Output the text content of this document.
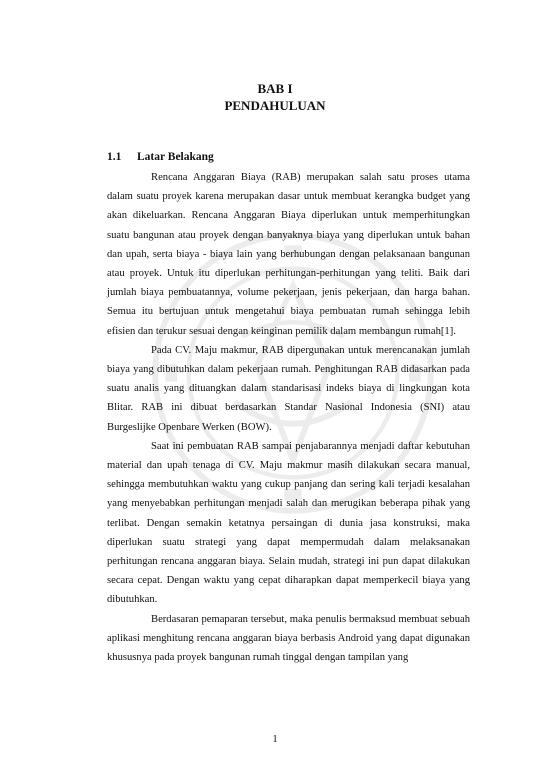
BAB I
PENDAHULUAN
1.1 Latar Belakang

Rencana Anggaran Biaya (RAB) merupakan salah satu proses utama dalam suatu proyek karena merupakan dasar untuk membuat kerangka budget yang akan dikeluarkan. Rencana Anggaran Biaya diperlukan untuk memperhitungkan suatu bangunan atau proyek dengan banyaknya biaya yang diperlukan untuk bahan dan upah, serta biaya - biaya lain yang berhubungan dengan pelaksanaan bangunan atau proyek. Untuk itu diperlukan perhitungan-perhitungan yang teliti. Baik dari jumlah biaya pembuatannya, volume pekerjaan, jenis pekerjaan, dan harga bahan. Semua itu bertujuan untuk mengetahui biaya pembuatan rumah sehingga lebih efisien dan terukur sesuai dengan keinginan pemilik dalam membangun rumah[1].

Pada CV. Maju makmur, RAB dipergunakan untuk merencanakan jumlah biaya yang dibutuhkan dalam pekerjaan rumah. Penghitungan RAB didasarkan pada suatu analis yang dituangkan dalam standarisasi indeks biaya di lingkungan kota Blitar. RAB ini dibuat berdasarkan Standar Nasional Indonesia (SNI) atau Burgeslijke Openbare Werken (BOW).

Saat ini pembuatan RAB sampai penjabarannya menjadi daftar kebutuhan material dan upah tenaga di CV. Maju makmur masih dilakukan secara manual, sehingga membutuhkan waktu yang cukup panjang dan sering kali terjadi kesalahan yang menyebabkan perhitungan menjadi salah dan merugikan beberapa pihak yang terlibat. Dengan semakin ketatnya persaingan di dunia jasa konstruksi, maka diperlukan suatu strategi yang dapat mempermudah dalam melaksanakan perhitungan rencana anggaran biaya. Selain mudah, strategi ini pun dapat dilakukan secara cepat. Dengan waktu yang cepat diharapkan dapat memperkecil biaya yang dibutuhkan.

Berdasaran pemaparan tersebut, maka penulis bermaksud membuat sebuah aplikasi menghitung rencana anggaran biaya berbasis Android yang dapat digunakan khususnya pada proyek bangunan rumah tinggal dengan tampilan yang

1
